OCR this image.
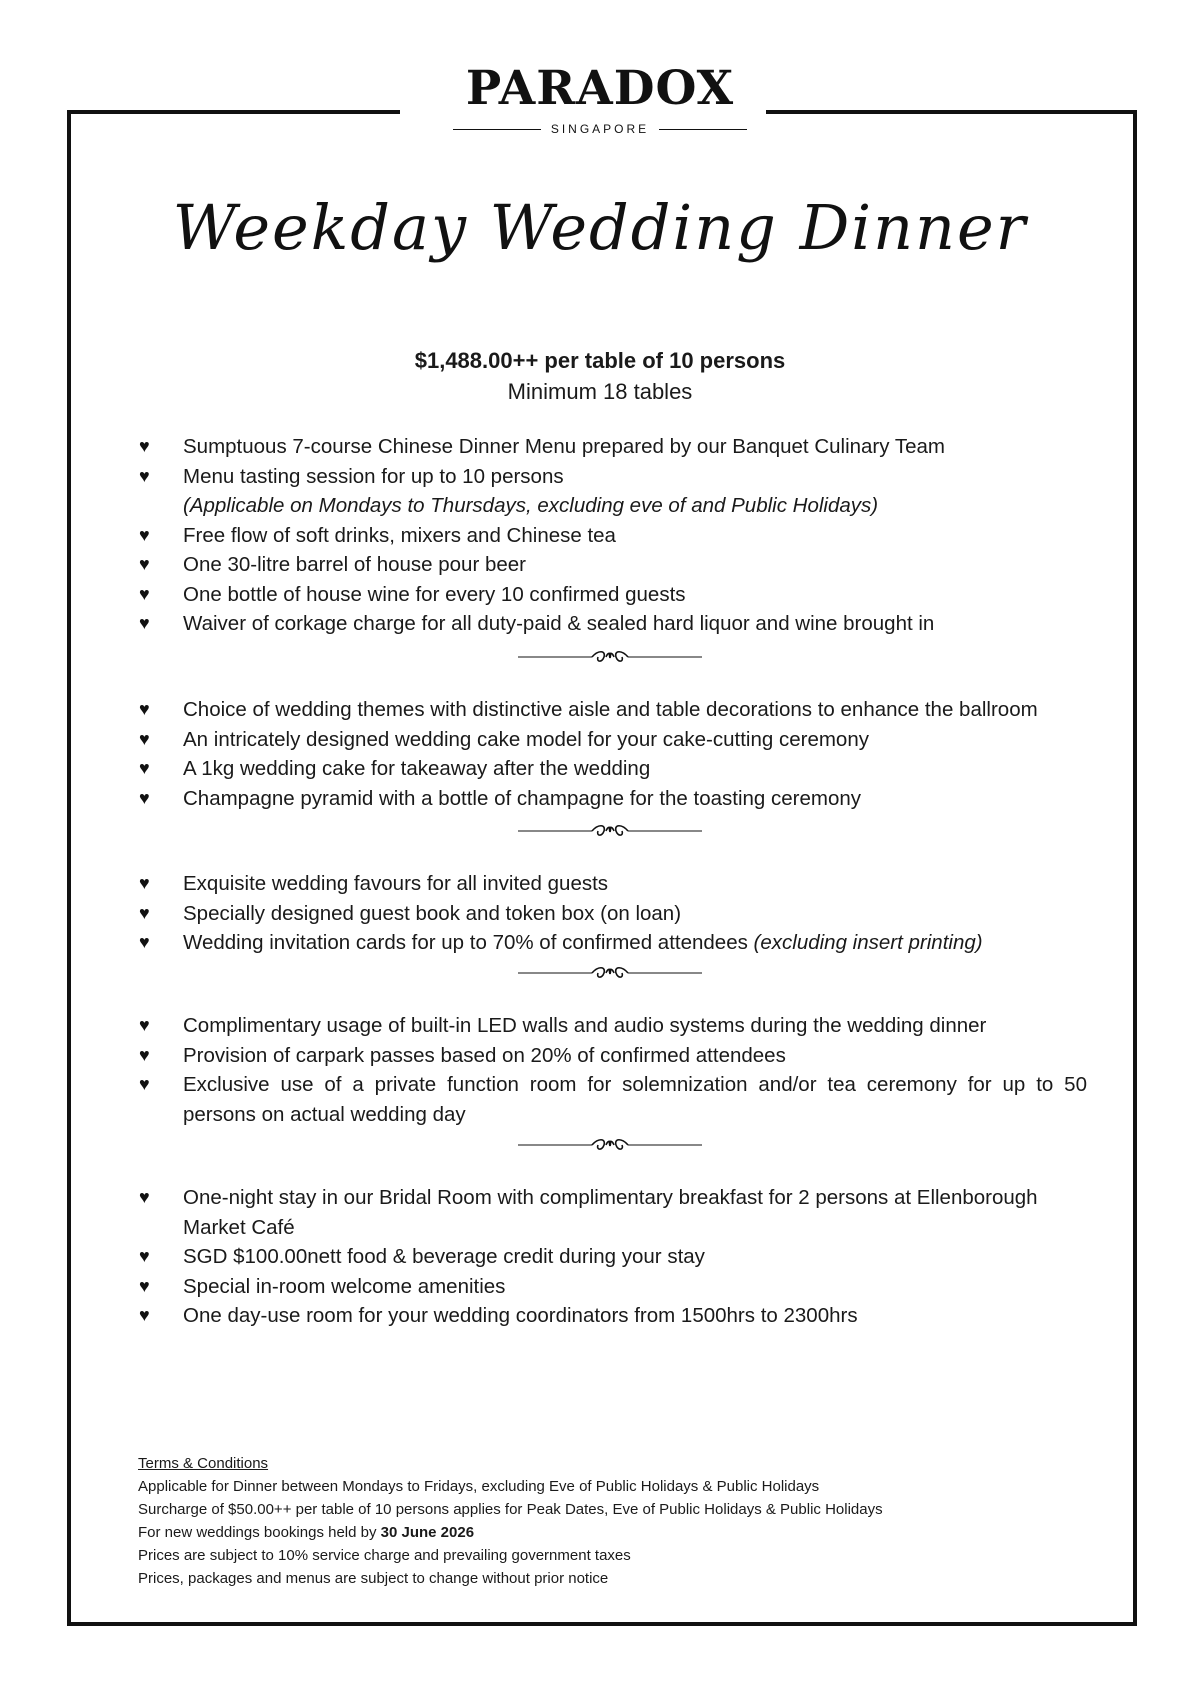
PARADOX
SINGAPORE
Weekday Wedding Dinner
$1,488.00++ per table of 10 persons
Minimum 18 tables
♥ Sumptuous 7-course Chinese Dinner Menu prepared by our Banquet Culinary Team
♥ Menu tasting session for up to 10 persons
(Applicable on Mondays to Thursdays, excluding eve of and Public Holidays)
♥ Free flow of soft drinks, mixers and Chinese tea
♥ One 30-litre barrel of house pour beer
♥ One bottle of house wine for every 10 confirmed guests
♥ Waiver of corkage charge for all duty-paid & sealed hard liquor and wine brought in
♥ Choice of wedding themes with distinctive aisle and table decorations to enhance the ballroom
♥ An intricately designed wedding cake model for your cake-cutting ceremony
♥ A 1kg wedding cake for takeaway after the wedding
♥ Champagne pyramid with a bottle of champagne for the toasting ceremony
♥ Exquisite wedding favours for all invited guests
♥ Specially designed guest book and token box (on loan)
♥ Wedding invitation cards for up to 70% of confirmed attendees (excluding insert printing)
♥ Complimentary usage of built-in LED walls and audio systems during the wedding dinner
♥ Provision of carpark passes based on 20% of confirmed attendees
♥ Exclusive use of a private function room for solemnization and/or tea ceremony for up to 50 persons on actual wedding day
♥ One-night stay in our Bridal Room with complimentary breakfast for 2 persons at Ellenborough Market Café
♥ SGD $100.00nett food & beverage credit during your stay
♥ Special in-room welcome amenities
♥ One day-use room for your wedding coordinators from 1500hrs to 2300hrs
Terms & Conditions
Applicable for Dinner between Mondays to Fridays, excluding Eve of Public Holidays & Public Holidays
Surcharge of $50.00++ per table of 10 persons applies for Peak Dates, Eve of Public Holidays & Public Holidays
For new weddings bookings held by 30 June 2026
Prices are subject to 10% service charge and prevailing government taxes
Prices, packages and menus are subject to change without prior notice
